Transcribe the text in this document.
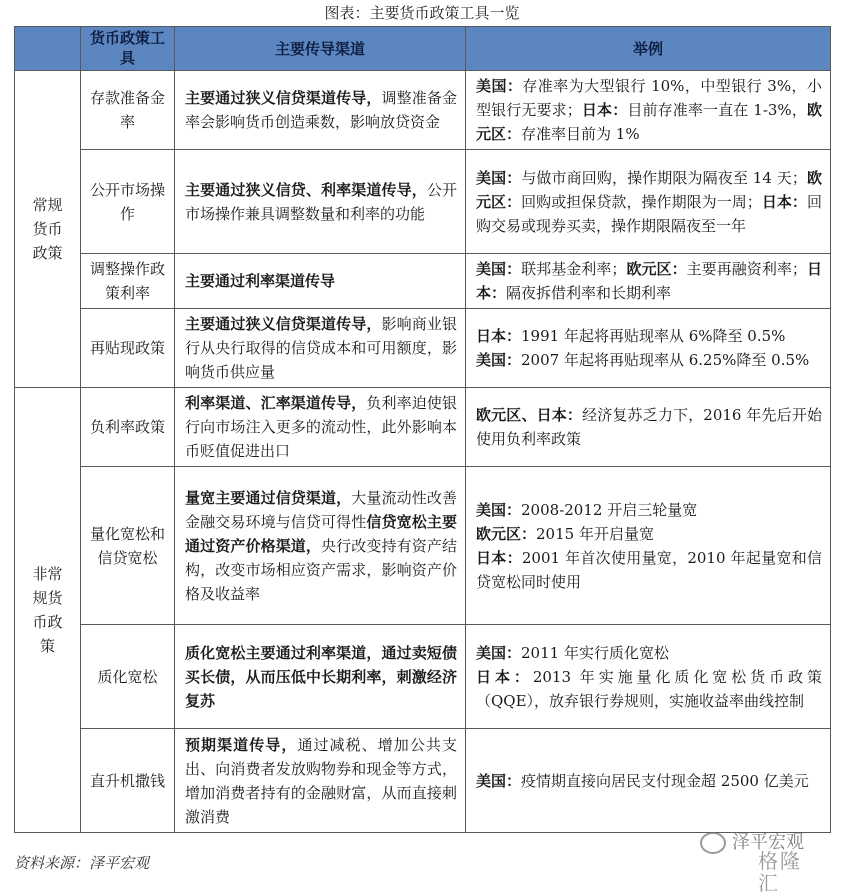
图表：主要货币政策工具一览
	货币政策工具	主要传导渠道	举例
常规货币政策	存款准备金率	主要通过狭义信贷渠道传导，调整准备金率会影响货币创造乘数，影响放贷资金	美国：存准率为大型银行 10%，中型银行 3%，小型银行无要求；日本：目前存准率一直在 1-3%，欧元区：存准率目前为 1%
	公开市场操作	主要通过狭义信贷、利率渠道传导，公开市场操作兼具调整数量和利率的功能	美国：与做市商回购，操作期限为隔夜至 14 天；欧元区：回购或担保贷款，操作期限为一周；日本：回购交易或现券买卖，操作期限隔夜至一年
	调整操作政策利率	主要通过利率渠道传导	美国：联邦基金利率；欧元区：主要再融资利率；日本：隔夜拆借利率和长期利率
	再贴现政策	主要通过狭义信贷渠道传导，影响商业银行从央行取得的信贷成本和可用额度，影响货币供应量	日本：1991 年起将再贴现率从 6%降至 0.5%
美国：2007 年起将再贴现率从 6.25%降至 0.5%

非常规货币政策	负利率政策	利率渠道、汇率渠道传导，负利率迫使银行向市场注入更多的流动性，此外影响本币贬值促进出口	欧元区、日本：经济复苏乏力下，2016 年先后开始使用负利率政策
	量化宽松和信贷宽松	量宽主要通过信贷渠道，大量流动性改善金融交易环境与信贷可得性信贷宽松主要通过资产价格渠道，央行改变持有资产结构，改变市场相应资产需求，影响资产价格及收益率	美国：2008-2012 开启三轮量宽
欧元区：2015 年开启量宽
日本：2001 年首次使用量宽，2010 年起量宽和信贷宽松同时使用

	质化宽松	质化宽松主要通过利率渠道，通过卖短债买长债，从而压低中长期利率，刺激经济复苏	美国：2011 年实行质化宽松
日本：2013 年实施量化质化宽松货币政策（QQE），放弃银行券规则，实施收益率曲线控制

	直升机撒钱	预期渠道传导，通过减税、增加公共支出、向消费者发放购物券和现金等方式，增加消费者持有的金融财富，从而直接刺激消费	美国：疫情期直接向居民支付现金超 2500 亿美元
资料来源：泽平宏观
泽平宏观
格隆汇
